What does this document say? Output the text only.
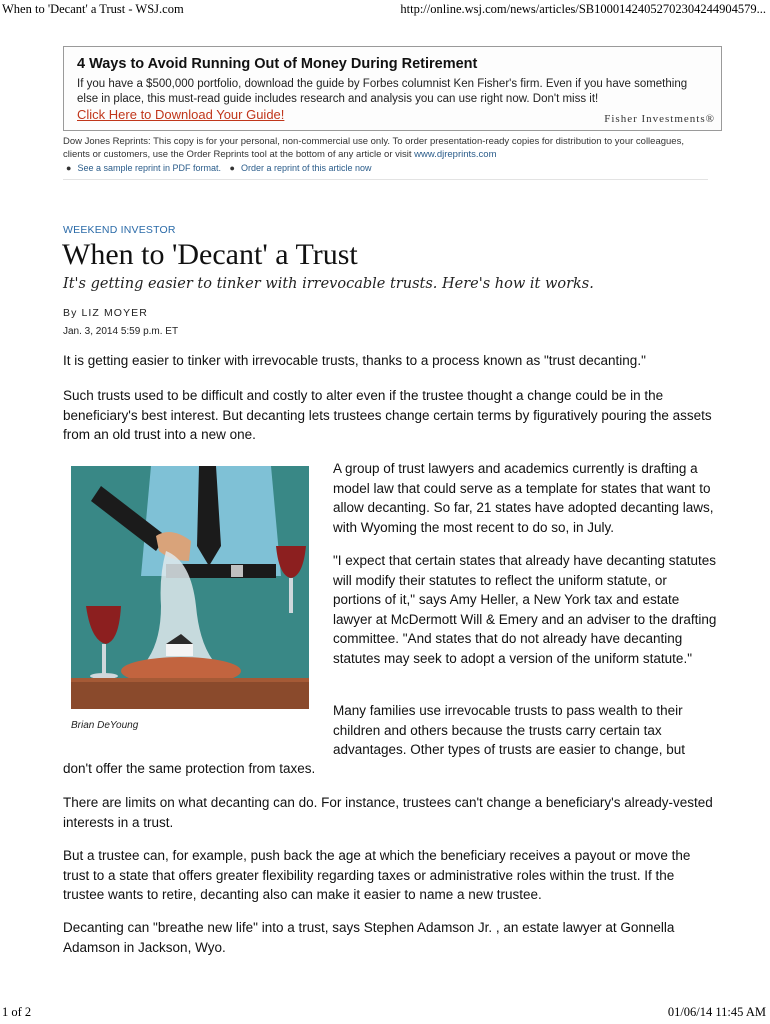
When to 'Decant' a Trust - WSJ.com	http://online.wsj.com/news/articles/SB10001424052702304244904579...
4 Ways to Avoid Running Out of Money During Retirement
If you have a $500,000 portfolio, download the guide by Forbes columnist Ken Fisher's firm. Even if you have something else in place, this must-read guide includes research and analysis you can use right now. Don't miss it!
Click Here to Download Your Guide!	Fisher Investments®
Dow Jones Reprints: This copy is for your personal, non-commercial use only. To order presentation-ready copies for distribution to your colleagues, clients or customers, use the Order Reprints tool at the bottom of any article or visit www.djreprints.com
● See a sample reprint in PDF format. ● Order a reprint of this article now
WEEKEND INVESTOR
When to 'Decant' a Trust
It's getting easier to tinker with irrevocable trusts. Here's how it works.
By LIZ MOYER
Jan. 3, 2014 5:59 p.m. ET
It is getting easier to tinker with irrevocable trusts, thanks to a process known as "trust decanting."
Such trusts used to be difficult and costly to alter even if the trustee thought a change could be in the beneficiary's best interest. But decanting lets trustees change certain terms by figuratively pouring the assets from an old trust into a new one.
Brian DeYoung
A group of trust lawyers and academics currently is drafting a model law that could serve as a template for states that want to allow decanting. So far, 21 states have adopted decanting laws, with Wyoming the most recent to do so, in July.
"I expect that certain states that already have decanting statutes will modify their statutes to reflect the uniform statute, or portions of it," says Amy Heller, a New York tax and estate lawyer at McDermott Will & Emery and an adviser to the drafting committee. "And states that do not already have decanting statutes may seek to adopt a version of the uniform statute."
Many families use irrevocable trusts to pass wealth to their children and others because the trusts carry certain tax advantages. Other types of trusts are easier to change, but
don't offer the same protection from taxes.
There are limits on what decanting can do. For instance, trustees can't change a beneficiary's already-vested interests in a trust.
But a trustee can, for example, push back the age at which the beneficiary receives a payout or move the trust to a state that offers greater flexibility regarding taxes or administrative roles within the trust. If the trustee wants to retire, decanting also can make it easier to name a new trustee.
Decanting can "breathe new life" into a trust, says Stephen Adamson Jr. , an estate lawyer at Gonnella Adamson in Jackson, Wyo.
1 of 2	01/06/14 11:45 AM
